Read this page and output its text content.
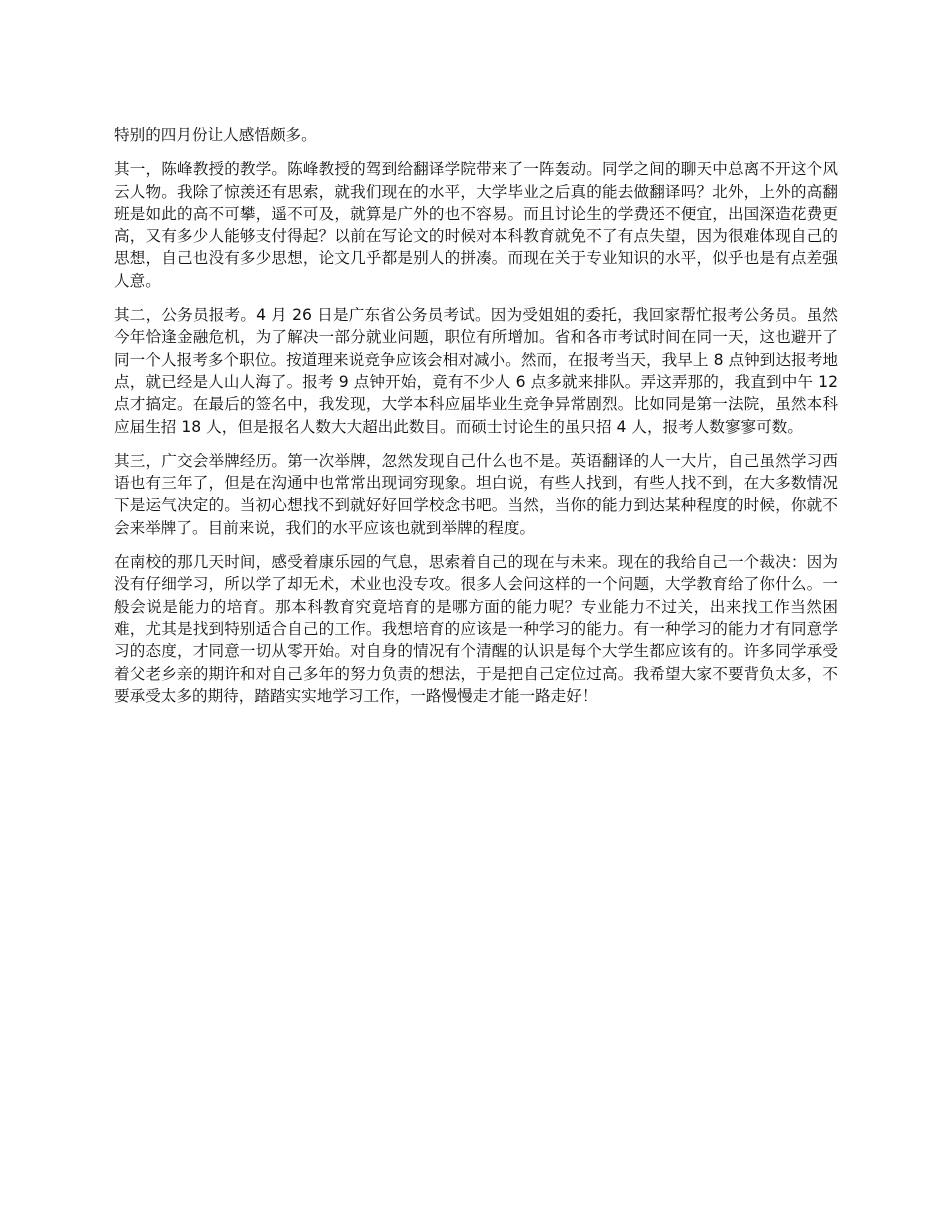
特别的四月份让人感悟颇多。

其一，陈峰教授的教学。陈峰教授的驾到给翻译学院带来了一阵轰动。同学之间的聊天中总离不开这个风云人物。我除了惊羡还有思索，就我们现在的水平，大学毕业之后真的能去做翻译吗？北外，上外的高翻班是如此的高不可攀，遥不可及，就算是广外的也不容易。而且讨论生的学费还不便宜，出国深造花费更高，又有多少人能够支付得起？以前在写论文的时候对本科教育就免不了有点失望，因为很难体现自己的思想，自己也没有多少思想，论文几乎都是别人的拼凑。而现在关于专业知识的水平，似乎也是有点差强人意。

其二，公务员报考。4 月 26 日是广东省公务员考试。因为受姐姐的委托，我回家帮忙报考公务员。虽然今年恰逢金融危机，为了解决一部分就业问题，职位有所增加。省和各市考试时间在同一天，这也避开了同一个人报考多个职位。按道理来说竞争应该会相对减小。然而，在报考当天，我早上 8 点钟到达报考地点，就已经是人山人海了。报考 9 点钟开始，竟有不少人 6 点多就来排队。弄这弄那的，我直到中午 12 点才搞定。在最后的签名中，我发现，大学本科应届毕业生竞争异常剧烈。比如同是第一法院，虽然本科应届生招 18 人，但是报名人数大大超出此数目。而硕士讨论生的虽只招 4 人，报考人数寥寥可数。

其三，广交会举牌经历。第一次举牌，忽然发现自己什么也不是。英语翻译的人一大片，自己虽然学习西语也有三年了，但是在沟通中也常常出现词穷现象。坦白说，有些人找到，有些人找不到，在大多数情况下是运气决定的。当初心想找不到就好好回学校念书吧。当然，当你的能力到达某种程度的时候，你就不会来举牌了。目前来说，我们的水平应该也就到举牌的程度。

在南校的那几天时间，感受着康乐园的气息，思索着自己的现在与未来。现在的我给自己一个裁决：因为没有仔细学习，所以学了却无术，术业也没专攻。很多人会问这样的一个问题，大学教育给了你什么。一般会说是能力的培育。那本科教育究竟培育的是哪方面的能力呢？专业能力不过关，出来找工作当然困难，尤其是找到特别适合自己的工作。我想培育的应该是一种学习的能力。有一种学习的能力才有同意学习的态度，才同意一切从零开始。对自身的情况有个清醒的认识是每个大学生都应该有的。许多同学承受着父老乡亲的期许和对自己多年的努力负责的想法，于是把自己定位过高。我希望大家不要背负太多，不要承受太多的期待，踏踏实实地学习工作，一路慢慢走才能一路走好！
